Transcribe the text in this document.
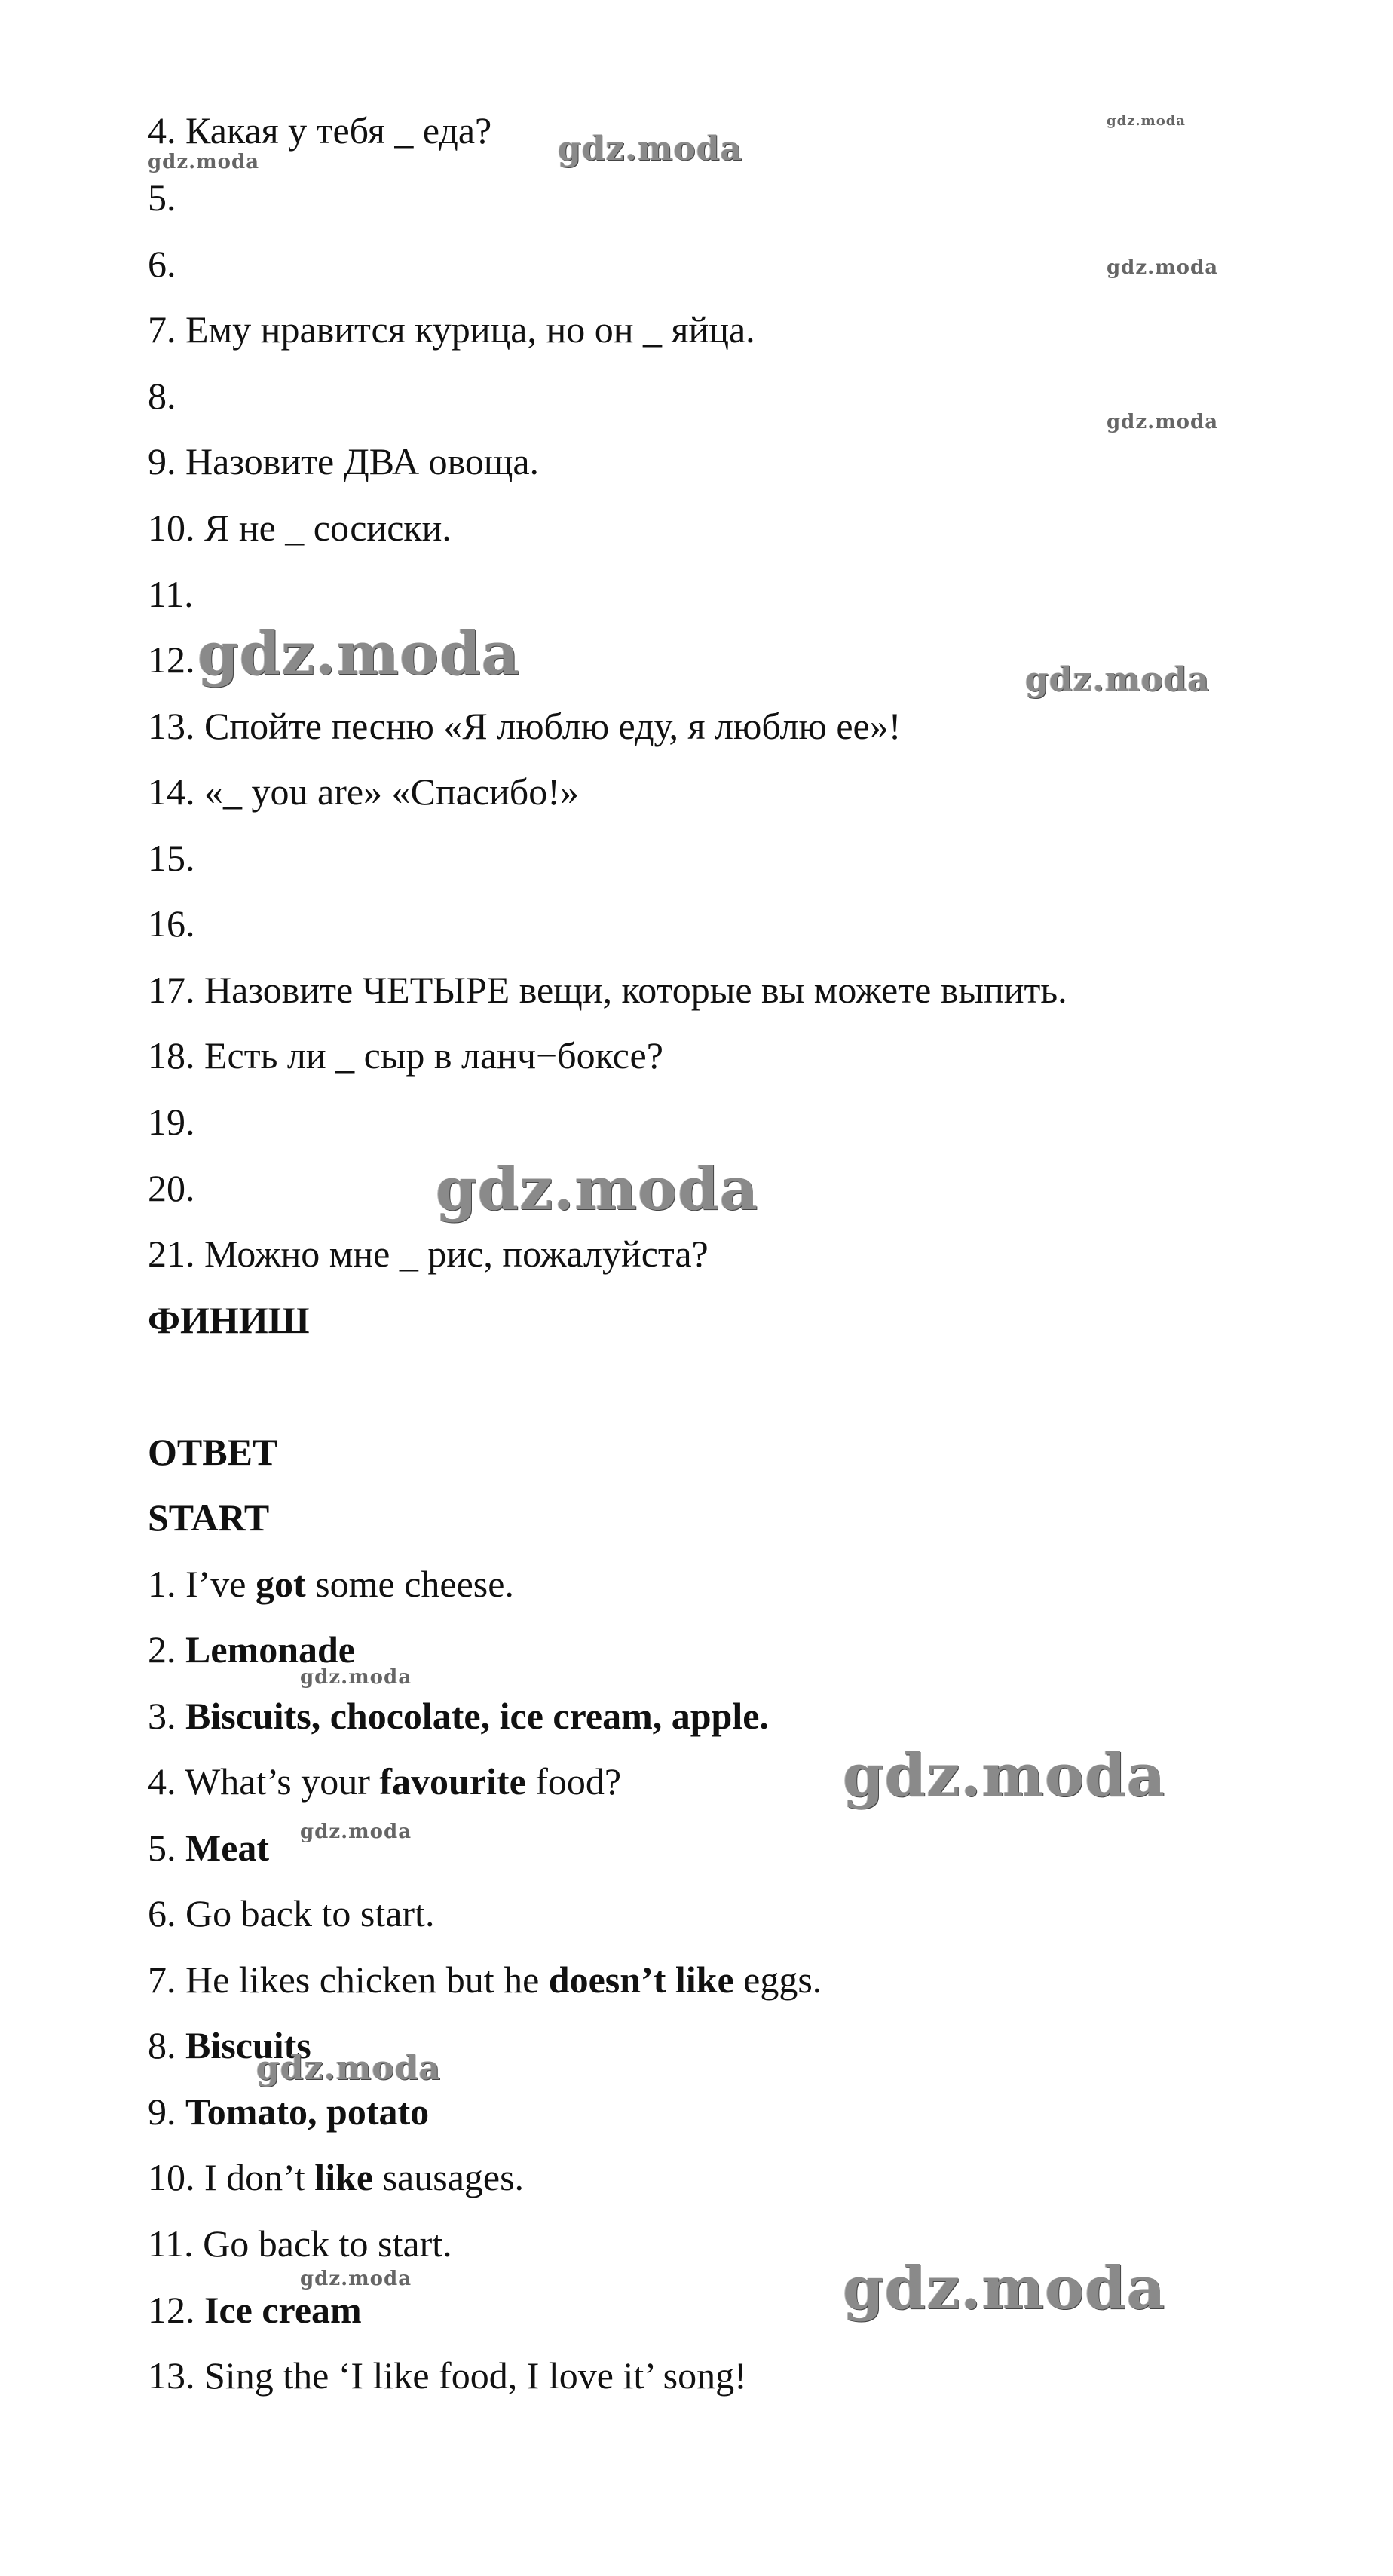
4. Какая у тебя _ еда?
5.
6.
7. Ему нравится курица, но он _ яйца.
8.
9. Назовите ДВА овоща.
10. Я не _ сосиски.
11.
12.
13. Спойте песню «Я люблю еду, я люблю ее»!
14. «_ you are» «Спасибо!»
15.
16.
17. Назовите ЧЕТЫРЕ вещи, которые вы можете выпить.
18. Есть ли _ сыр в ланч−боксе?
19.
20.
21. Можно мне _ рис, пожалуйста?
ФИНИШ
ОТВЕТ
START
1. I’ve got some cheese.
2. Lemonade
3. Biscuits, chocolate, ice cream, apple.
4. What’s your favourite food?
5. Meat
6. Go back to start.
7. He likes chicken but he doesn’t like eggs.
8. Biscuits
9. Tomato, potato
10. I don’t like sausages.
11. Go back to start.
12. Ice cream
13. Sing the ‘I like food, I love it’ song!
gdz.moda
gdz.moda
gdz.moda
gdz.moda
gdz.moda
gdz.moda	gdz.moda
gdz.moda
gdz.moda
gdz.moda
gdz.moda
gdz.moda
gdz.moda	gdz.moda
